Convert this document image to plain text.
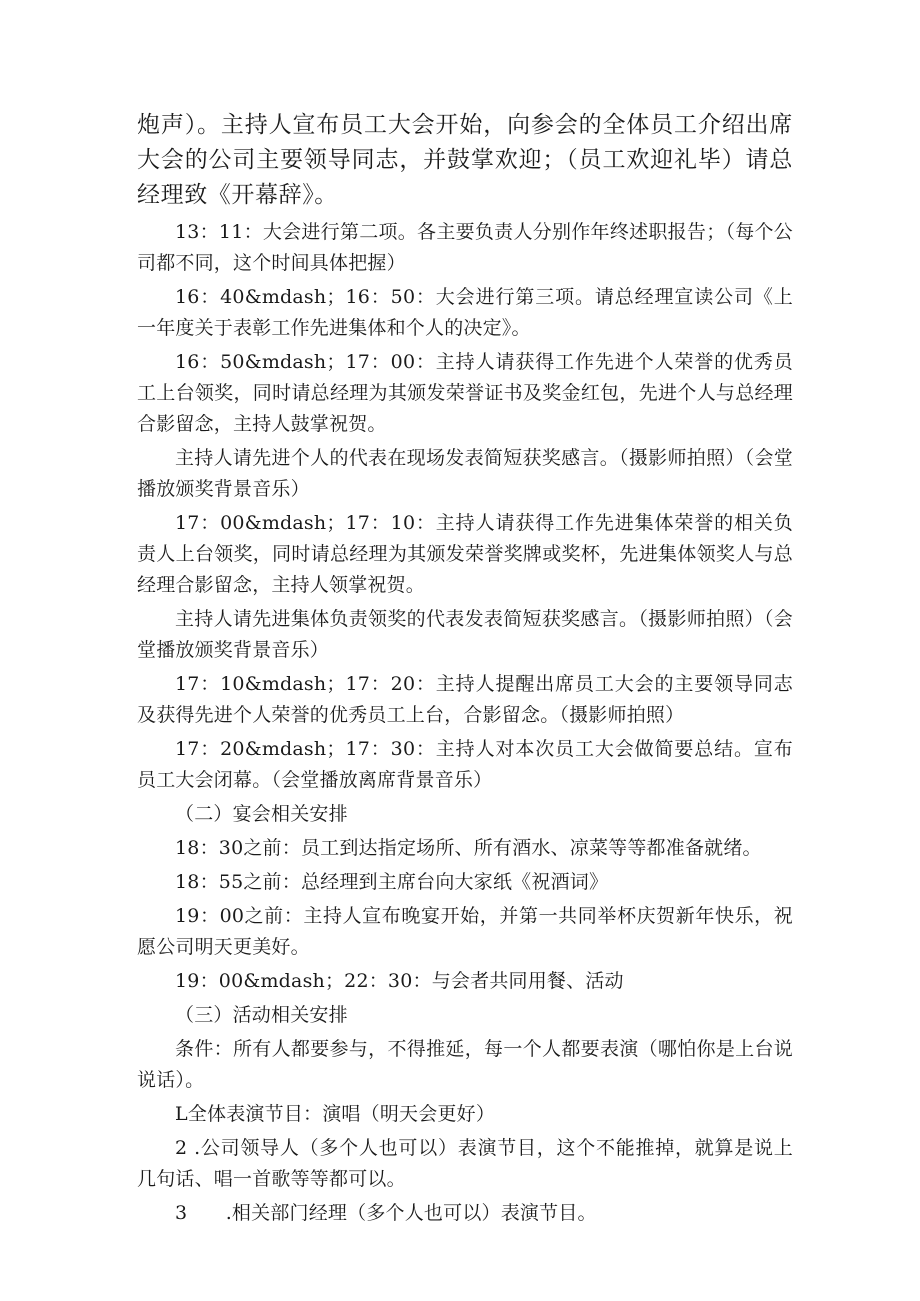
炮声）。主持人宣布员工大会开始，向参会的全体员工介绍出席大会的公司主要领导同志，并鼓掌欢迎；（员工欢迎礼毕）请总经理致《开幕辞》。

13：11：大会进行第二项。各主要负责人分别作年终述职报告；（每个公司都不同，这个时间具体把握）

16：40&mdash；16：50：大会进行第三项。请总经理宣读公司《上一年度关于表彰工作先进集体和个人的决定》。

16：50&mdash；17：00：主持人请获得工作先进个人荣誉的优秀员工上台领奖，同时请总经理为其颁发荣誉证书及奖金红包，先进个人与总经理合影留念，主持人鼓掌祝贺。

主持人请先进个人的代表在现场发表简短获奖感言。（摄影师拍照）（会堂播放颁奖背景音乐）

17：00&mdash；17：10：主持人请获得工作先进集体荣誉的相关负责人上台领奖，同时请总经理为其颁发荣誉奖牌或奖杯，先进集体领奖人与总经理合影留念，主持人领掌祝贺。

主持人请先进集体负责领奖的代表发表简短获奖感言。（摄影师拍照）（会堂播放颁奖背景音乐）

17：10&mdash；17：20：主持人提醒出席员工大会的主要领导同志及获得先进个人荣誉的优秀员工上台，合影留念。（摄影师拍照）

17：20&mdash；17：30：主持人对本次员工大会做简要总结。宣布员工大会闭幕。（会堂播放离席背景音乐）

（二）宴会相关安排

18：30之前：员工到达指定场所、所有酒水、凉菜等等都准备就绪。

18：55之前：总经理到主席台向大家纸《祝酒词》

19：00之前：主持人宣布晚宴开始，并第一共同举杯庆贺新年快乐，祝愿公司明天更美好。

19：00&mdash；22：30：与会者共同用餐、活动

（三）活动相关安排

条件：所有人都要参与，不得推延，每一个人都要表演（哪怕你是上台说说话）。

L全体表演节目：演唱（明天会更好）

2 .公司领导人（多个人也可以）表演节目，这个不能推掉，就算是说上几句话、唱一首歌等等都可以。

3　　.相关部门经理（多个人也可以）表演节目。
